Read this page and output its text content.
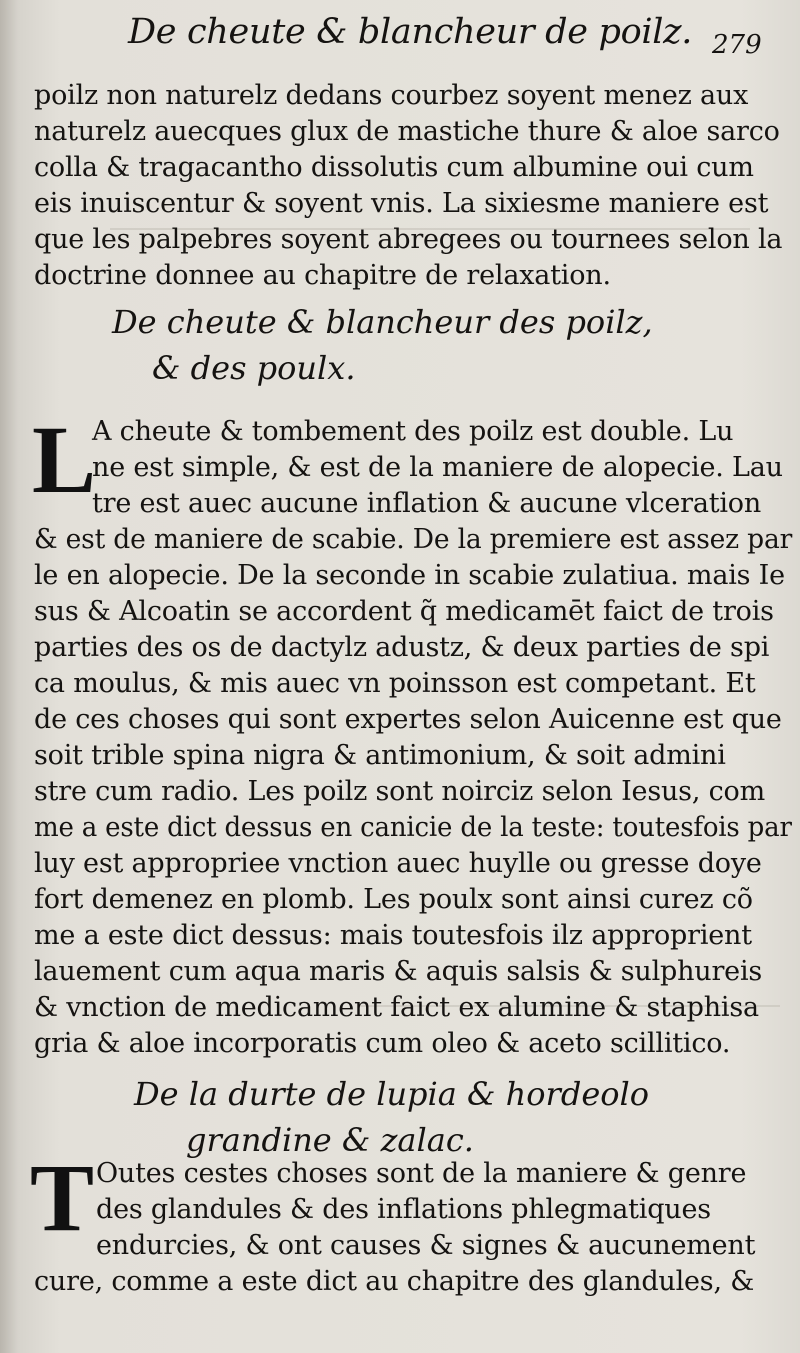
De cheute & blancheur de poilz. 279
poilz non naturelz dedans courbez soyent menez aux
naturelz auecques glux de mastiche thure & aloe sarco
colla & tragacantho dissolutis cum albumine oui cum
eis inuiscentur & soyent vnis. La sixiesme maniere est
que les palpebres soyent abregees ou tournees selon la
doctrine donnee au chapitre de relaxation.
De cheute & blancheur des poilz,
& des poulx.
L
A cheute & tombement des poilz est double. Lu
ne est simple, & est de la maniere de alopecie. Lau
tre est auec aucune inflation & aucune vlceration
& est de maniere de scabie. De la premiere est assez par
le en alopecie. De la seconde in scabie zulatiua. mais Ie
sus & Alcoatin se accordent q̃ medicamēt faict de trois
parties des os de dactylz adustz, & deux parties de spi
ca moulus, & mis auec vn poinsson est competant. Et
de ces choses qui sont expertes selon Auicenne est que
soit trible spina nigra & antimonium, & soit admini
stre cum radio. Les poilz sont noirciz selon Iesus, com
me a este dict dessus en canicie de la teste: toutesfois par
luy est appropriee vnction auec huylle ou gresse doye
fort demenez en plomb. Les poulx sont ainsi curez cõ
me a este dict dessus: mais toutesfois ilz approprient
lauement cum aqua maris & aquis salsis & sulphureis
& vnction de medicament faict ex alumine & staphisa
gria & aloe incorporatis cum oleo & aceto scillitico.
De la durte de lupia & hordeolo
grandine & zalac.
T Outes cestes choses sont de la maniere & genre
des glandules & des inflations phlegmatiques
endurcies, & ont causes & signes & aucunement
cure, comme a este dict au chapitre des glandules, &
